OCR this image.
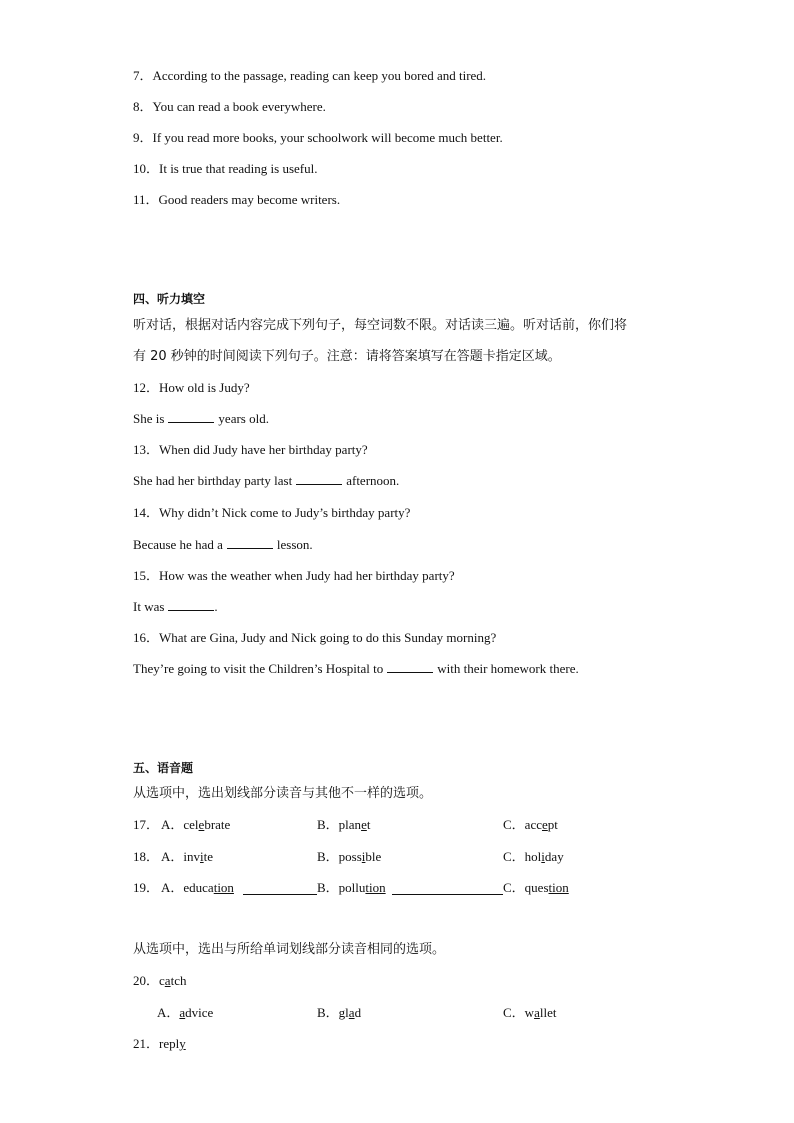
7．According to the passage, reading can keep you bored and tired.
8．You can read a book everywhere.
9．If you read more books, your schoolwork will become much better.
10．It is true that reading is useful.
11．Good readers may become writers.
四、听力填空
听对话，根据对话内容完成下列句子，每空词数不限。对话读三遍。听对话前，你们将
有 20 秒钟的时间阅读下列句子。注意：请将答案填写在答题卡指定区域。
12．How old is Judy?
She is	years old.
13．When did Judy have her birthday party?
She had her birthday party last	afternoon.
14．Why didn’t Nick come to Judy’s birthday party?
Because he had a	lesson.
15．How was the weather when Judy had her birthday party?
It was	.
16．What are Gina, Judy and Nick going to do this Sunday morning?
They’re going to visit the Children’s Hospital to	with their homework there.
五、语音题
从选项中，选出划线部分读音与其他不一样的选项。
17． A．celebrate	B．planet	C．accept
18． A．invite	B．possible	C．holiday
19． A．education	B．pollution	C．question
从选项中，选出与所给单词划线部分读音相同的选项。
20．catch
A．advice	B．glad	C．wallet
21．reply
